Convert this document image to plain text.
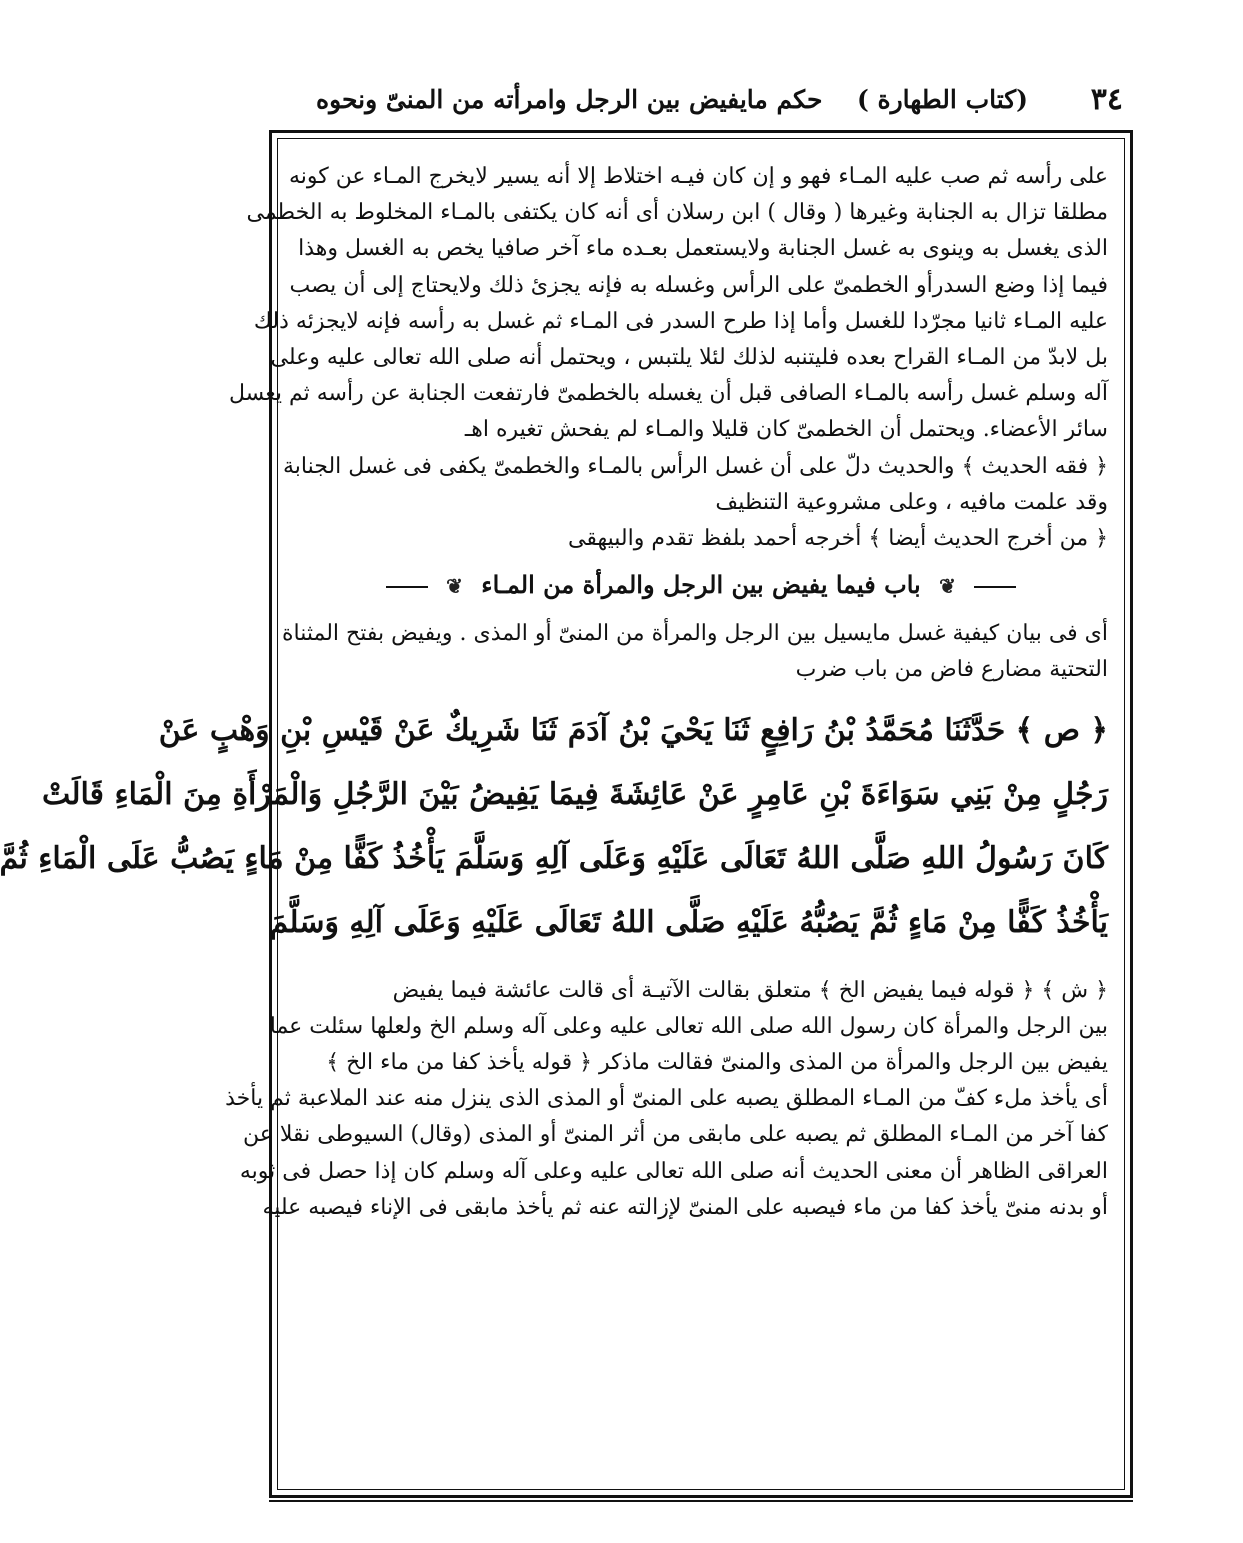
٣٤
(كتاب الطهارة )
حكم مايفيض بين الرجل وامرأته من المنىّ ونحوه
على رأسه ثم صب عليه المـاء فهو و إن كان فيـه اختلاط إلا أنه يسير لايخرج المـاء عن كونه
مطلقا تزال به الجنابة وغيرها ( وقال ) ابن رسلان أى أنه كان يكتفى بالمـاء المخلوط به الخطمى
الذى يغسل به وينوى به غسل الجنابة ولايستعمل بعـده ماء آخر صافيا يخص به الغسل وهذا
فيما إذا وضع السدرأو الخطمىّ على الرأس وغسله به فإنه يجزئ ذلك ولايحتاج إلى أن يصب
عليه المـاء ثانيا مجرّدا للغسل وأما إذا طرح السدر فى المـاء ثم غسل به رأسه فإنه لايجزئه ذلك
بل لابدّ من المـاء القراح بعده فليتنبه لذلك لئلا يلتبس ، ويحتمل أنه صلى الله تعالى عليه وعلى
آله وسلم غسل رأسه بالمـاء الصافى قبل أن يغسله بالخطمىّ فارتفعت الجنابة عن رأسه ثم يغسل
سائر الأعضاء. ويحتمل أن الخطمىّ كان قليلا والمـاء لم يفحش تغيره اهـ
﴿ فقه الحديث ﴾ والحديث دلّ على أن غسل الرأس بالمـاء والخطمىّ يكفى فى غسل الجنابة
وقد علمت مافيه ، وعلى مشروعية التنظيف
﴿ من أخرج الحديث أيضا ﴾ أخرجه أحمد بلفظ تقدم والبيهقى
❦ باب فيما يفيض بين الرجل والمرأة من المـاء ❦
أى فى بيان كيفية غسل مايسيل بين الرجل والمرأة من المنىّ أو المذى . ويفيض بفتح المثناة
التحتية مضارع فاض من باب ضرب
﴿ ص ﴾ حَدَّثَنَا مُحَمَّدُ بْنُ رَافِعٍ ثَنَا يَحْيَ بْنُ آدَمَ ثَنَا شَرِيكٌ عَنْ قَيْسِ بْنِ وَهْبٍ عَنْ
رَجُلٍ مِنْ بَنِي سَوَاءَةَ بْنِ عَامِرٍ عَنْ عَائِشَةَ فِيمَا يَفِيضُ بَيْنَ الرَّجُلِ وَالْمَرْأَةِ مِنَ الْمَاءِ قَالَتْ
كَانَ رَسُولُ اللهِ صَلَّى اللهُ تَعَالَى عَلَيْهِ وَعَلَى آلِهِ وَسَلَّمَ يَأْخُذُ كَفًّا مِنْ مَاءٍ يَصُبُّ عَلَى الْمَاءِ ثُمَّ
يَأْخُذُ كَفًّا مِنْ مَاءٍ ثُمَّ يَصُبُّهُ عَلَيْهِ صَلَّى اللهُ تَعَالَى عَلَيْهِ وَعَلَى آلِهِ وَسَلَّمَ
﴿ ش ﴾ ﴿ قوله فيما يفيض الخ ﴾ متعلق بقالت الآتيـة أى قالت عائشة فيما يفيض
بين الرجل والمرأة كان رسول الله صلى الله تعالى عليه وعلى آله وسلم الخ ولعلها سئلت عما
يفيض بين الرجل والمرأة من المذى والمنىّ فقالت ماذكر ﴿ قوله يأخذ كفا من ماء الخ ﴾
أى يأخذ ملء كفّ من المـاء المطلق يصبه على المنىّ أو المذى الذى ينزل منه عند الملاعبة ثم يأخذ
كفا آخر من المـاء المطلق ثم يصبه على مابقى من أثر المنىّ أو المذى (وقال) السيوطى نقلا عن
العراقى الظاهر أن معنى الحديث أنه صلى الله تعالى عليه وعلى آله وسلم كان إذا حصل فى ثوبه
أو بدنه منىّ يأخذ كفا من ماء فيصبه على المنىّ لإزالته عنه ثم يأخذ مابقى فى الإناء فيصبه عليه
